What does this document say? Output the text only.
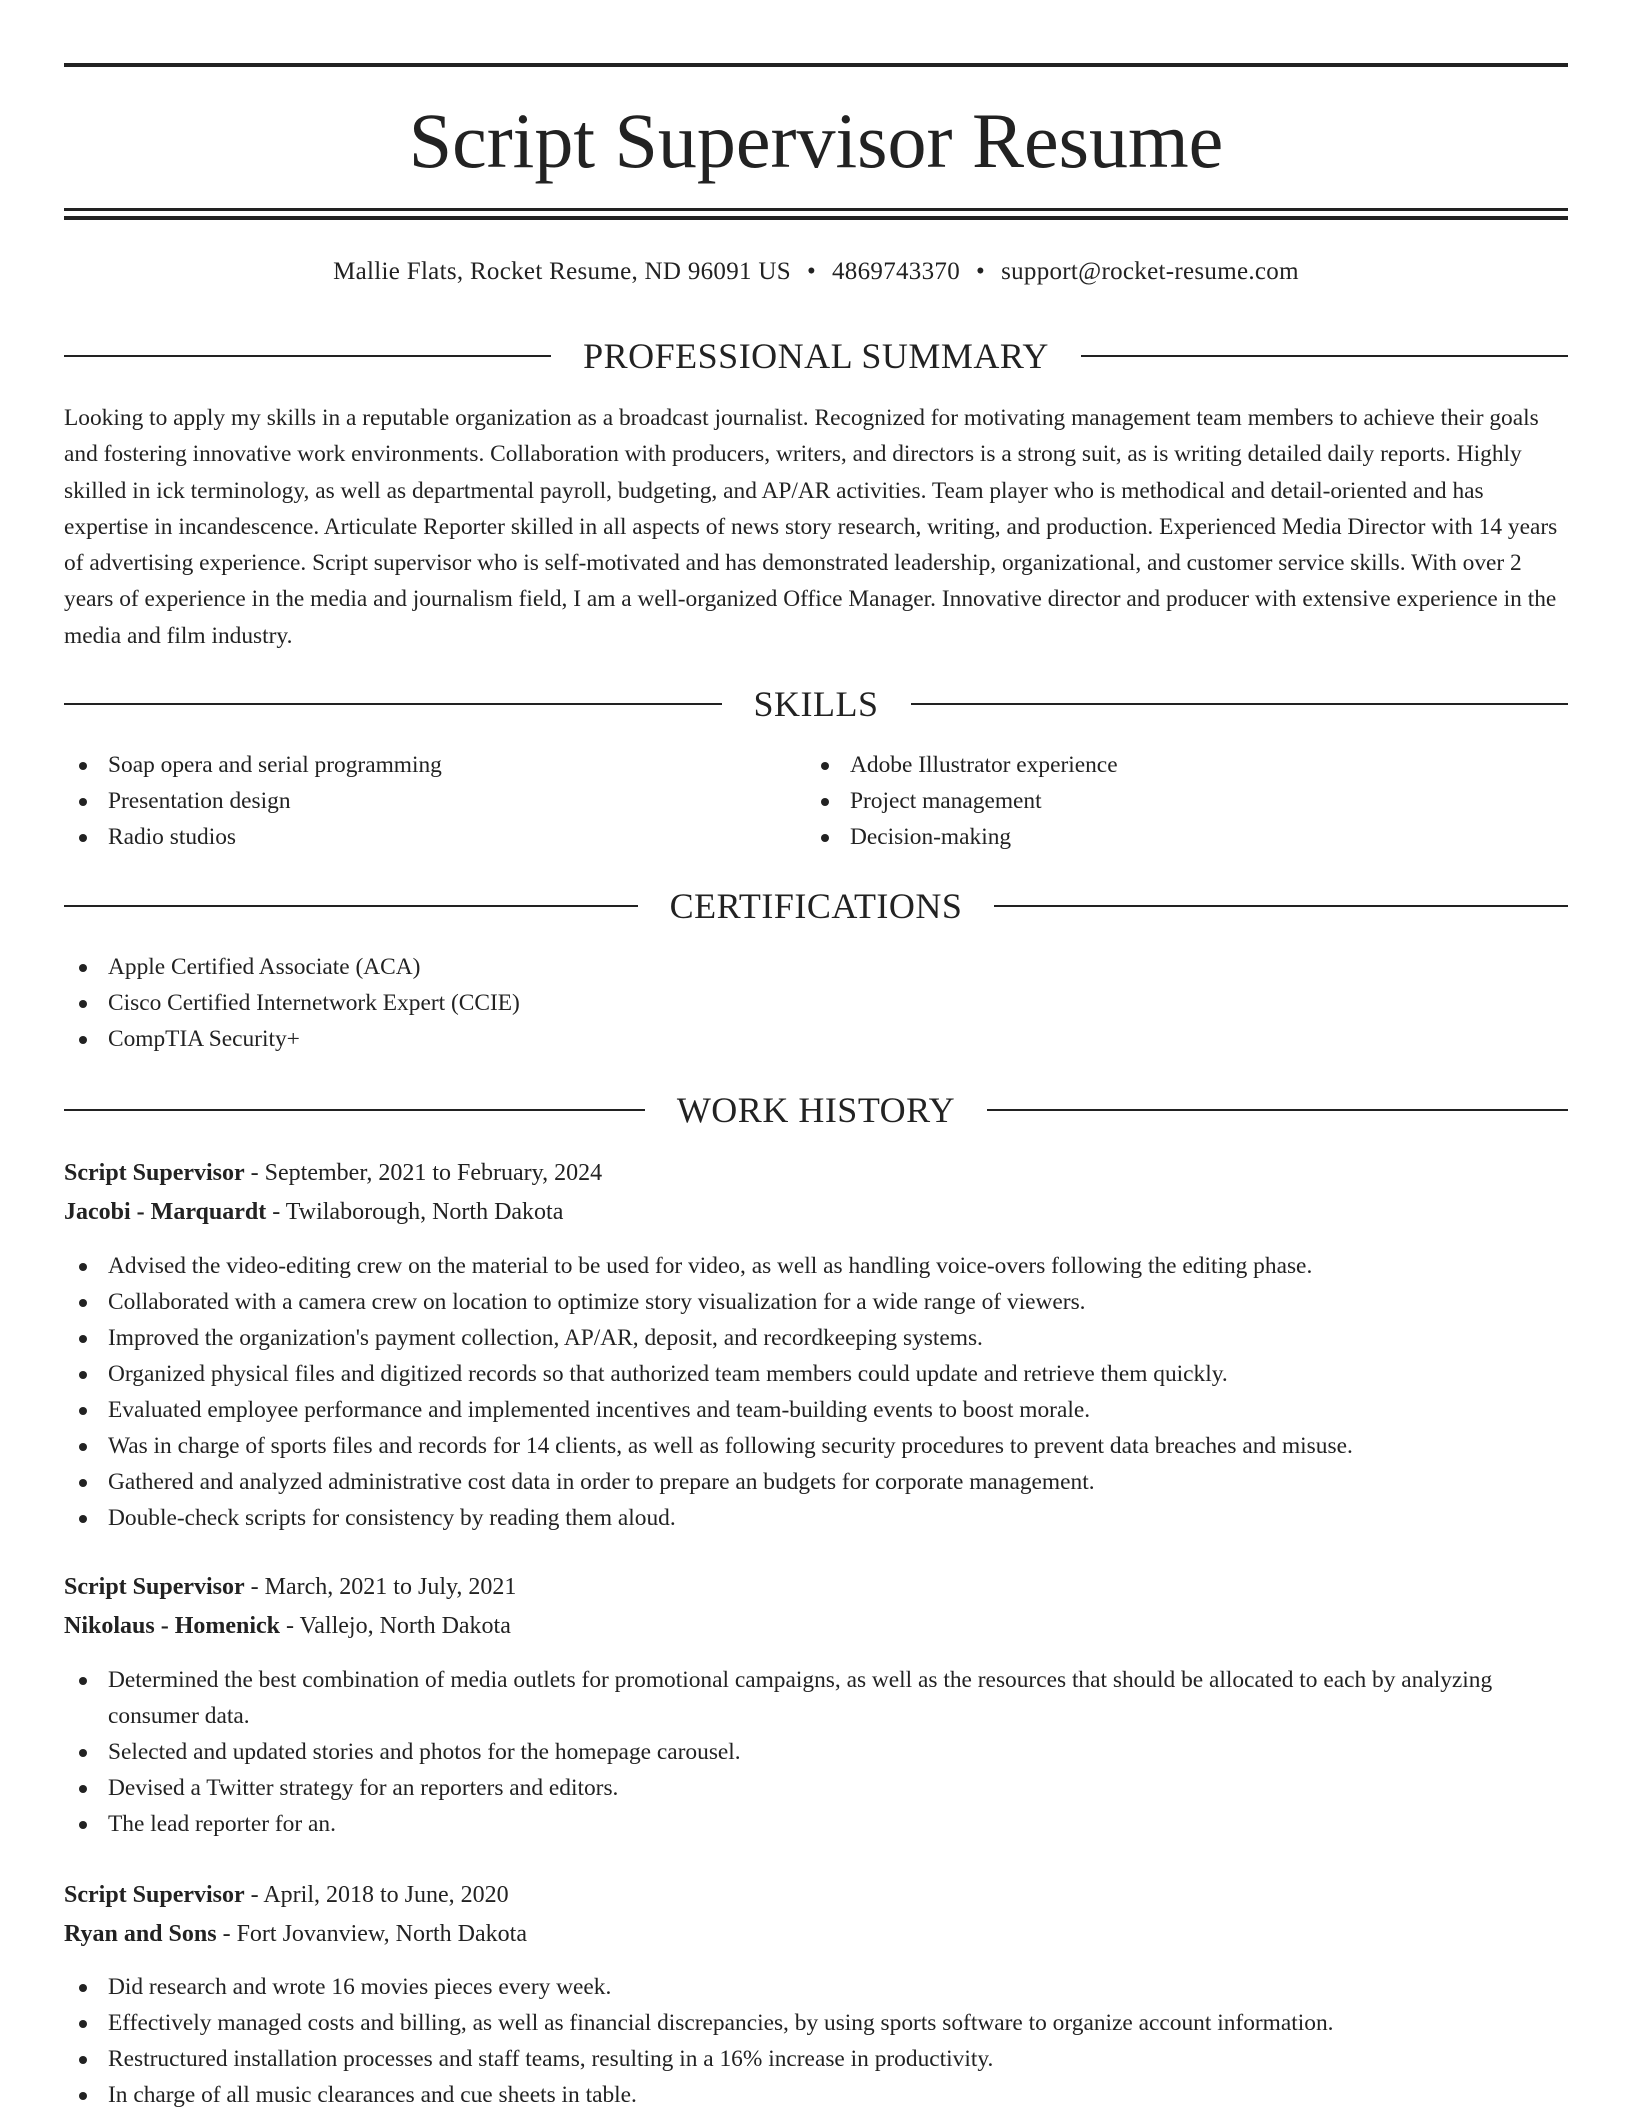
Script Supervisor Resume
Mallie Flats, Rocket Resume, ND 96091 US • 4869743370 • support@rocket-resume.com
PROFESSIONAL SUMMARY

Looking to apply my skills in a reputable organization as a broadcast journalist. Recognized for motivating management team members to achieve their goals and fostering innovative work environments. Collaboration with producers, writers, and directors is a strong suit, as is writing detailed daily reports. Highly skilled in ick terminology, as well as departmental payroll, budgeting, and AP/AR activities. Team player who is methodical and detail-oriented and has expertise in incandescence. Articulate Reporter skilled in all aspects of news story research, writing, and production. Experienced Media Director with 14 years of advertising experience. Script supervisor who is self-motivated and has demonstrated leadership, organizational, and customer service skills. With over 2 years of experience in the media and journalism field, I am a well-organized Office Manager. Innovative director and producer with extensive experience in the media and film industry.

SKILLS
Soap opera and serial programming
Presentation design
Radio studios
Adobe Illustrator experience
Project management
Decision-making
CERTIFICATIONS
Apple Certified Associate (ACA)
Cisco Certified Internetwork Expert (CCIE)
CompTIA Security+
WORK HISTORY
Script Supervisor - September, 2021 to February, 2024
Jacobi - Marquardt - Twilaborough, North Dakota
Advised the video-editing crew on the material to be used for video, as well as handling voice-overs following the editing phase.
Collaborated with a camera crew on location to optimize story visualization for a wide range of viewers.
Improved the organization's payment collection, AP/AR, deposit, and recordkeeping systems.
Organized physical files and digitized records so that authorized team members could update and retrieve them quickly.
Evaluated employee performance and implemented incentives and team-building events to boost morale.
Was in charge of sports files and records for 14 clients, as well as following security procedures to prevent data breaches and misuse.
Gathered and analyzed administrative cost data in order to prepare an budgets for corporate management.
Double-check scripts for consistency by reading them aloud.
Script Supervisor - March, 2021 to July, 2021
Nikolaus - Homenick - Vallejo, North Dakota
Determined the best combination of media outlets for promotional campaigns, as well as the resources that should be allocated to each by analyzing consumer data.
Selected and updated stories and photos for the homepage carousel.
Devised a Twitter strategy for an reporters and editors.
The lead reporter for an.
Script Supervisor - April, 2018 to June, 2020
Ryan and Sons - Fort Jovanview, North Dakota
Did research and wrote 16 movies pieces every week.
Effectively managed costs and billing, as well as financial discrepancies, by using sports software to organize account information.
Restructured installation processes and staff teams, resulting in a 16% increase in productivity.
In charge of all music clearances and cue sheets in table.
